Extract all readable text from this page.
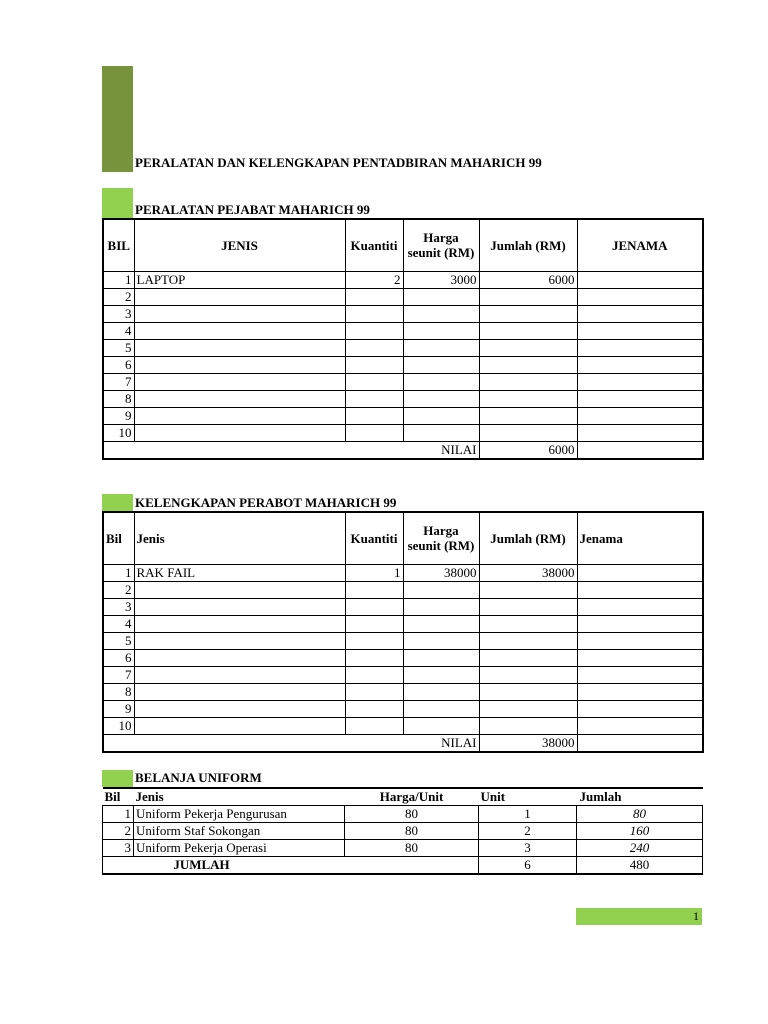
PERALATAN DAN KELENGKAPAN PENTADBIRAN MAHARICH 99
PERALATAN PEJABAT MAHARICH 99
BIL	JENIS	Kuantiti	Harga seunit (RM)	Jumlah (RM)	JENAMA
1	LAPTOP	2	3000	6000	
2					
3					
4					
5					
6					
7					
8					
9					
10					
NILAI				6000	
KELENGKAPAN PERABOT MAHARICH 99
Bil	Jenis	Kuantiti	Harga seunit (RM)	Jumlah (RM)	Jenama
1	RAK FAIL	1	38000	38000	
2					
3					
4					
5					
6					
7					
8					
9					
10					
NILAI				38000	
BELANJA UNIFORM
Bil	Jenis	Harga/Unit	Unit	Jumlah
1	Uniform Pekerja Pengurusan	80	1	80
2	Uniform Staf Sokongan	80	2	160
3	Uniform Pekerja Operasi	80	3	240
JUMLAH			6	480
1
